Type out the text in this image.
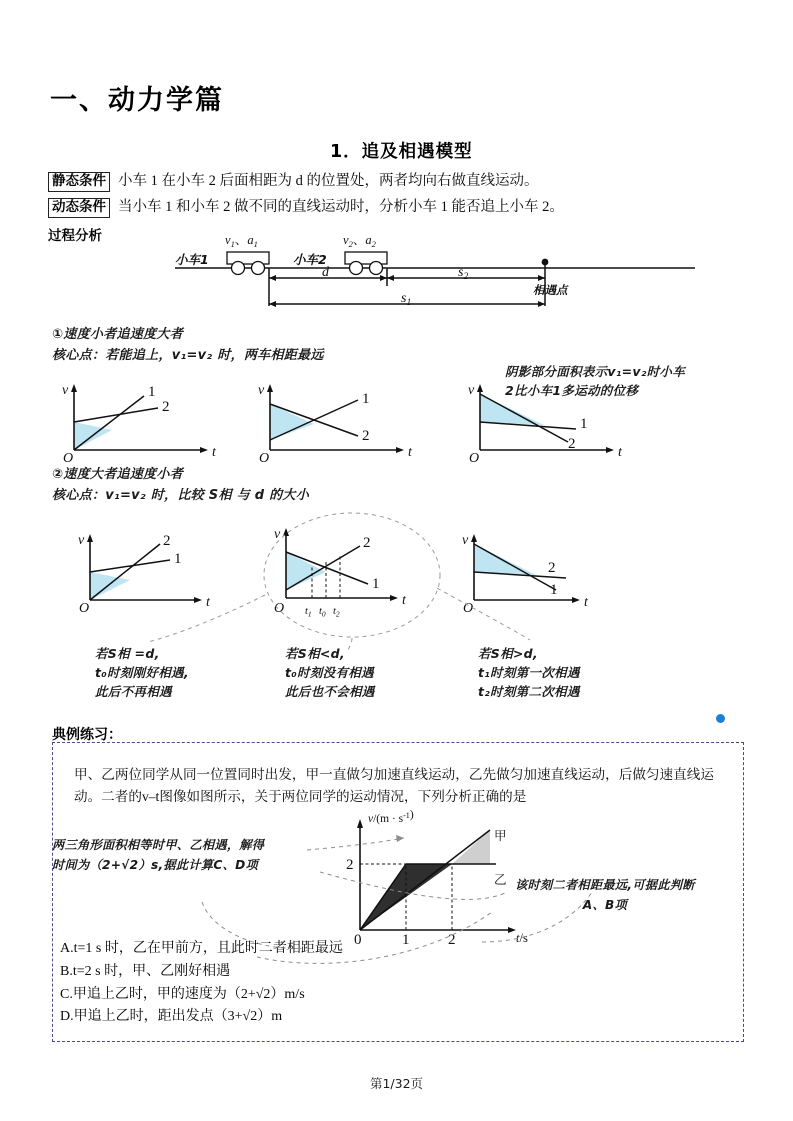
一、动力学篇
1．追及相遇模型
静态条件 小车 1 在小车 2 后面相距为 d 的位置处，两者均向右做直线运动。
动态条件 当小车 1 和小车 2 做不同的直线运动时，分析小车 1 能否追上小车 2。
过程分析
小车1
$v_1$、$a_1$
小车2
$v_2$、$a_2$
d	$s_2$
$s_1$
相遇点
①速度小者追速度大者
核心点：若能追上，v₁=v₂ 时，两车相距最远
1
2
v
O	t
1
2
v
O	t
1
2
v
O	t
阴影部分面积表示v₁=v₂时小车
2比小车1多运动的位移
②速度大者追速度小者
核心点：v₁=v₂ 时，比较 S相 与 d 的大小
2
1
v
O	t
2
1
v
O
t
$t_1$ $t_0$ $t_2$
2
1
v
O	t
若S相 =d,
t₀时刻刚好相遇,
此后不再相遇
若S相<d,
t₀时刻没有相遇
此后也不会相遇
若S相>d,
t₁时刻第一次相遇
t₂时刻第二次相遇
典例练习：
甲、乙两位同学从同一位置同时出发，甲一直做匀加速直线运动，乙先做匀加速直线运动，后做匀速直线运动。二者的v–t图像如图所示，关于两位同学的运动情况，下列分析正确的是
$v/(m \cdot s^{-1})$
甲
乙
2
0	1	2	t/s
A.t=1 s 时，乙在甲前方，且此时二者相距最远
B.t=2 s 时，甲、乙刚好相遇
C.甲追上乙时，甲的速度为（2+√2）m/s
D.甲追上乙时，距出发点（3+√2）m
两三角形面积相等时甲、乙相遇，解得
时间为（2+√2）s,据此计算C、D项
该时刻二者相距最远,可据此判断
A、B项
第1/32页
